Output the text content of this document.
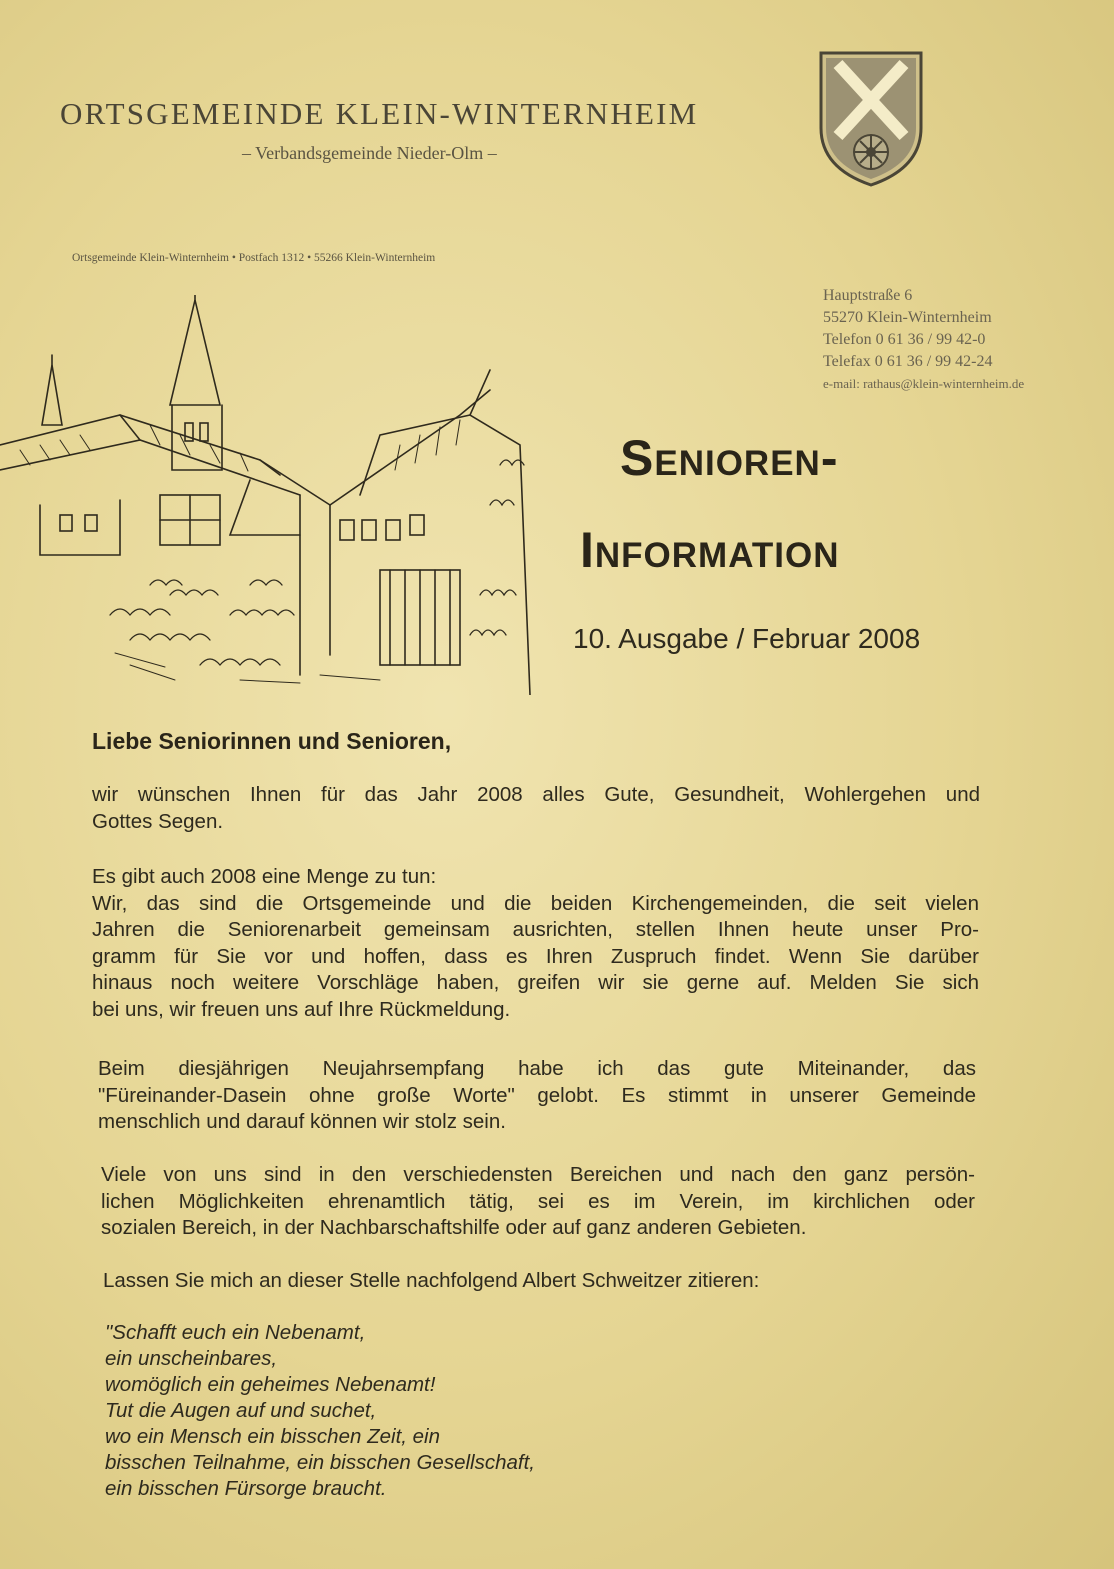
ORTSGEMEINDE KLEIN-WINTERNHEIM
– Verbandsgemeinde Nieder-Olm –
Ortsgemeinde Klein-Winternheim • Postfach 1312 • 55266 Klein-Winternheim
Hauptstraße 6
55270 Klein-Winternheim
Telefon 0 61 36 / 99 42-0
Telefax 0 61 36 / 99 42-24
e-mail: rathaus@klein-winternheim.de
Senioren-
Information
10. Ausgabe / Februar 2008
Liebe Seniorinnen und Senioren,
wir wünschen Ihnen für das Jahr 2008 alles Gute, Gesundheit, Wohlergehen und
Gottes Segen.
Es gibt auch 2008 eine Menge zu tun:
Wir, das sind die Ortsgemeinde und die beiden Kirchengemeinden, die seit vielen
Jahren die Seniorenarbeit gemeinsam ausrichten, stellen Ihnen heute unser Pro-
gramm für Sie vor und hoffen, dass es Ihren Zuspruch findet. Wenn Sie darüber
hinaus noch weitere Vorschläge haben, greifen wir sie gerne auf. Melden Sie sich
bei uns, wir freuen uns auf Ihre Rückmeldung.
Beim diesjährigen Neujahrsempfang habe ich das gute Miteinander, das
"Füreinander-Dasein ohne große Worte" gelobt. Es stimmt in unserer Gemeinde
menschlich und darauf können wir stolz sein.
Viele von uns sind in den verschiedensten Bereichen und nach den ganz persön-
lichen Möglichkeiten ehrenamtlich tätig, sei es im Verein, im kirchlichen oder
sozialen Bereich, in der Nachbarschaftshilfe oder auf ganz anderen Gebieten.
Lassen Sie mich an dieser Stelle nachfolgend Albert Schweitzer zitieren:
"Schafft euch ein Nebenamt,
ein unscheinbares,
womöglich ein geheimes Nebenamt!
Tut die Augen auf und suchet,
wo ein Mensch ein bisschen Zeit, ein
bisschen Teilnahme, ein bisschen Gesellschaft,
ein bisschen Fürsorge braucht.
